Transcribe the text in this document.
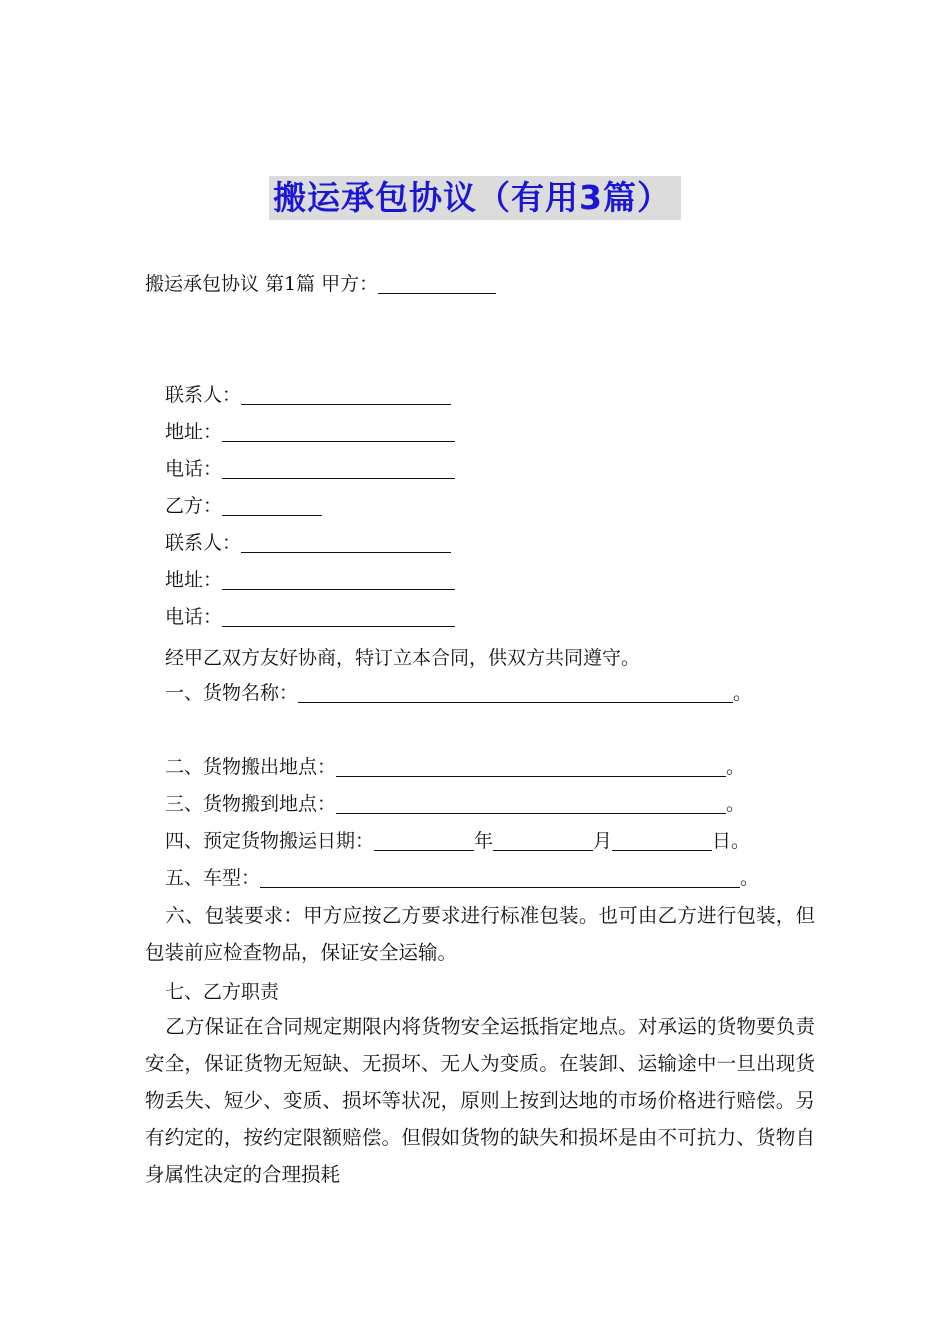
搬运承包协议（有用3篇）
搬运承包协议 第1篇 甲方：
联系人：
地址：
电话：
乙方：
联系人：
地址：
电话：
经甲乙双方友好协商，特订立本合同，供双方共同遵守。
一、货物名称：	。
二、货物搬出地点：	。
三、货物搬到地点：	。
四、预定货物搬运日期：	年	月	日。
五、车型：	。

六、包装要求：甲方应按乙方要求进行标准包装。也可由乙方进行包装，但包装前应检查物品，保证安全运输。

七、乙方职责

乙方保证在合同规定期限内将货物安全运抵指定地点。对承运的货物要负责安全，保证货物无短缺、无损坏、无人为变质。在装卸、运输途中一旦出现货物丢失、短少、变质、损坏等状况，原则上按到达地的市场价格进行赔偿。另有约定的，按约定限额赔偿。但假如货物的缺失和损坏是由不可抗力、货物自身属性决定的合理损耗
